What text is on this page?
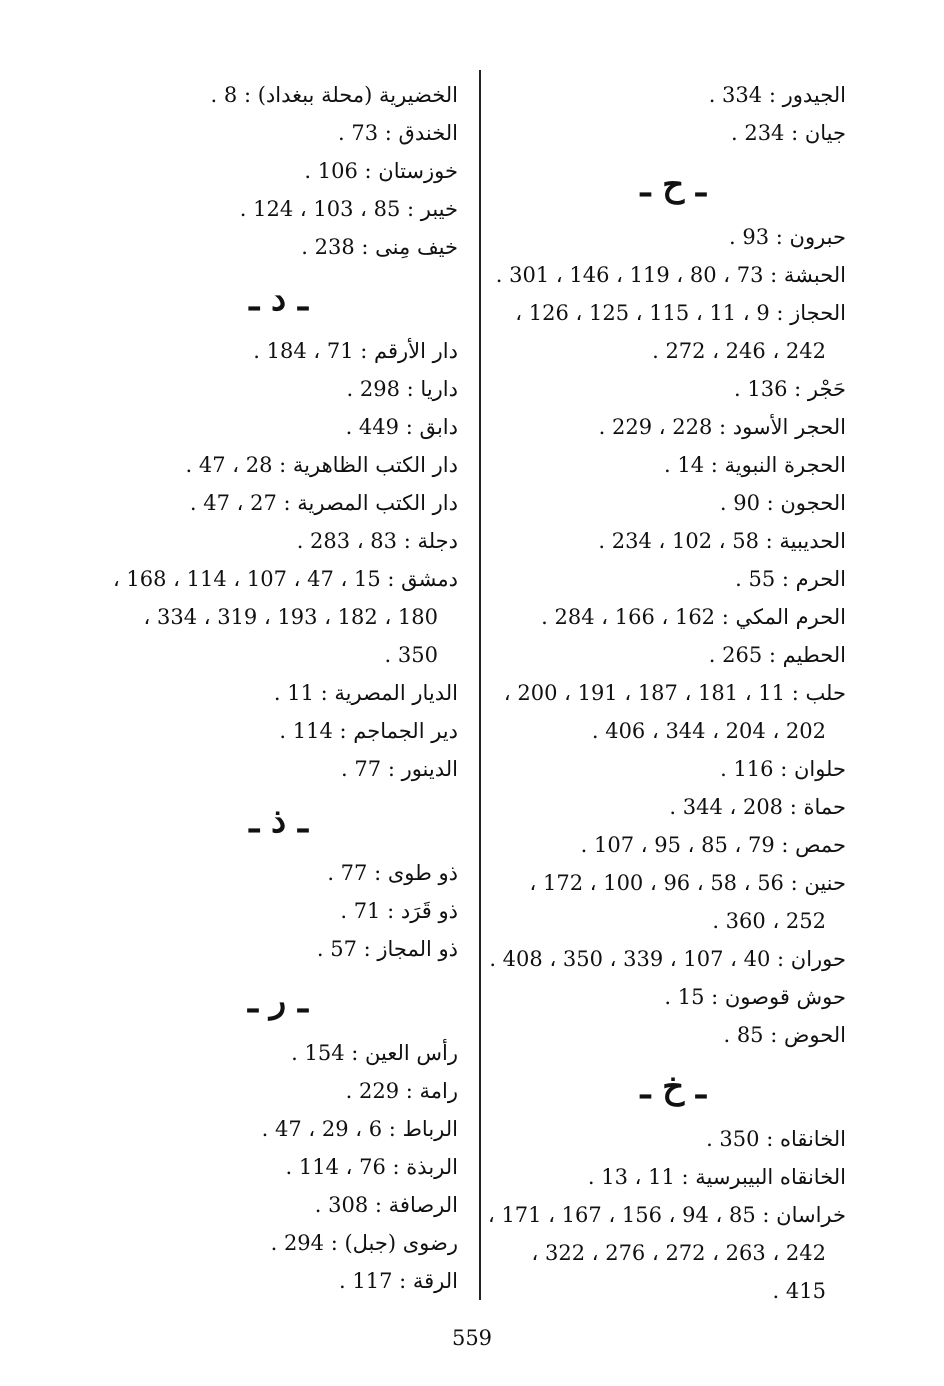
الجيدور : 334 .
جيان : 234 .
ـ ح ـ
حبرون : 93 .
الحبشة : 73 ، 80 ، 119 ، 146 ، 301 .
الحجاز : 9 ، 11 ، 115 ، 125 ، 126 ،
242 ، 246 ، 272 .
حَجْر : 136 .
الحجر الأسود : 228 ، 229 .
الحجرة النبوية : 14 .
الحجون : 90 .
الحديبية : 58 ، 102 ، 234 .
الحرم : 55 .
الحرم المكي : 162 ، 166 ، 284 .
الحطيم : 265 .
حلب : 11 ، 181 ، 187 ، 191 ، 200 ،
202 ، 204 ، 344 ، 406 .
حلوان : 116 .
حماة : 208 ، 344 .
حمص : 79 ، 85 ، 95 ، 107 .
حنين : 56 ، 58 ، 96 ، 100 ، 172 ،
252 ، 360 .
حوران : 40 ، 107 ، 339 ، 350 ، 408 .
حوش قوصون : 15 .
الحوض : 85 .
ـ خ ـ
الخانقاه : 350 .
الخانقاه البيبرسية : 11 ، 13 .
خراسان : 85 ، 94 ، 156 ، 167 ، 171 ،
242 ، 263 ، 272 ، 276 ، 322 ،
415 .
الخضيرية (محلة ببغداد) : 8 .
الخندق : 73 .
خوزستان : 106 .
خيبر : 85 ، 103 ، 124 .
خيف مِنى : 238 .
ـ د ـ
دار الأرقم : 71 ، 184 .
داريا : 298 .
دابق : 449 .
دار الكتب الظاهرية : 28 ، 47 .
دار الكتب المصرية : 27 ، 47 .
دجلة : 83 ، 283 .
دمشق : 15 ، 47 ، 107 ، 114 ، 168 ،
180 ، 182 ، 193 ، 319 ، 334 ،
350 .
الديار المصرية : 11 .
دير الجماجم : 114 .
الدينور : 77 .
ـ ذ ـ
ذو طوى : 77 .
ذو قَرَد : 71 .
ذو المجاز : 57 .
ـ ر ـ
رأس العين : 154 .
رامة : 229 .
الرباط : 6 ، 29 ، 47 .
الربذة : 76 ، 114 .
الرصافة : 308 .
رضوى (جبل) : 294 .
الرقة : 117 .
559
